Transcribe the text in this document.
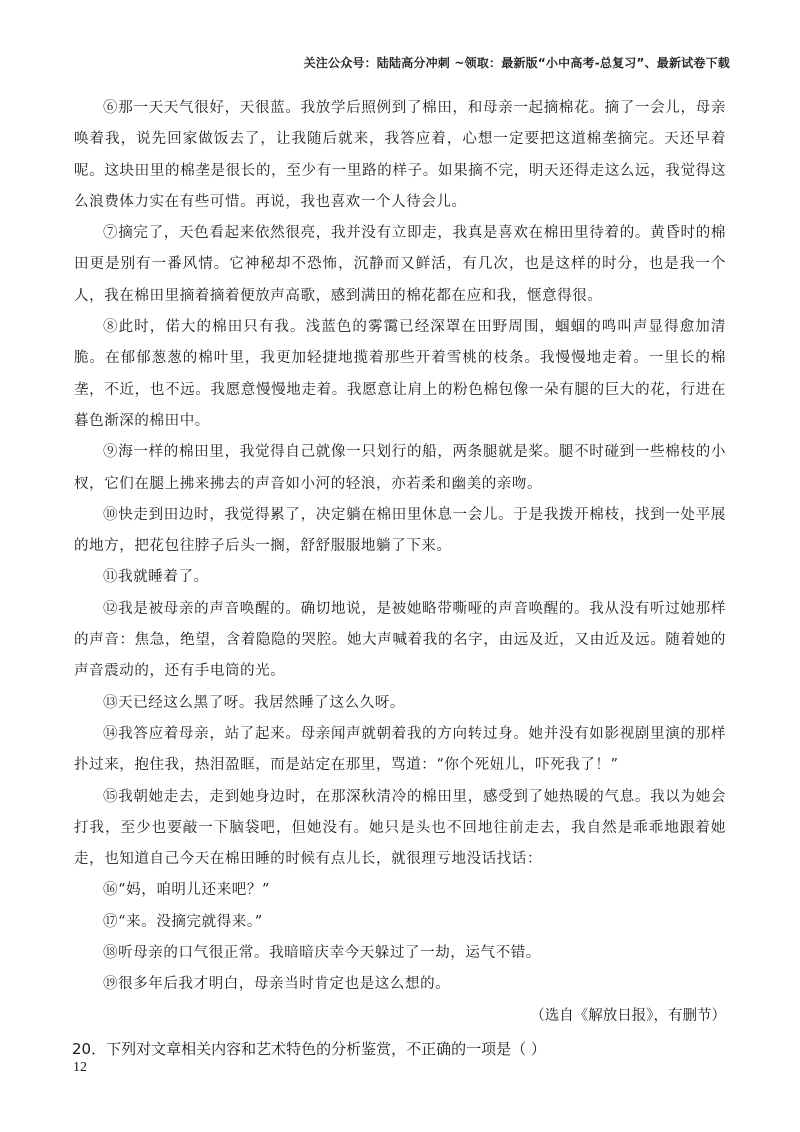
关注公众号：陆陆高分冲刺 ~领取：最新版“小中高考-总复习”、最新试卷下载

⑥那一天天气很好，天很蓝。我放学后照例到了棉田，和母亲一起摘棉花。摘了一会儿，母亲唤着我，说先回家做饭去了，让我随后就来，我答应着，心想一定要把这道棉垄摘完。天还早着呢。这块田里的棉垄是很长的，至少有一里路的样子。如果摘不完，明天还得走这么远，我觉得这么浪费体力实在有些可惜。再说，我也喜欢一个人待会儿。

⑦摘完了，天色看起来依然很亮，我并没有立即走，我真是喜欢在棉田里待着的。黄昏时的棉田更是别有一番风情。它神秘却不恐怖，沉静而又鲜活，有几次，也是这样的时分，也是我一个人，我在棉田里摘着摘着便放声高歌，感到满田的棉花都在应和我，惬意得很。

⑧此时，偌大的棉田只有我。浅蓝色的雾霭已经深罩在田野周围，蝈蝈的鸣叫声显得愈加清脆。在郁郁葱葱的棉叶里，我更加轻捷地揽着那些开着雪桃的枝条。我慢慢地走着。一里长的棉垄，不近，也不远。我愿意慢慢地走着。我愿意让肩上的粉色棉包像一朵有腿的巨大的花，行进在暮色渐深的棉田中。

⑨海一样的棉田里，我觉得自己就像一只划行的船，两条腿就是桨。腿不时碰到一些棉枝的小杈，它们在腿上拂来拂去的声音如小河的轻浪，亦若柔和幽美的亲吻。

⑩快走到田边时，我觉得累了，决定躺在棉田里休息一会儿。于是我拨开棉枝，找到一处平展的地方，把花包往脖子后头一搁，舒舒服服地躺了下来。

⑪我就睡着了。

⑫我是被母亲的声音唤醒的。确切地说，是被她略带嘶哑的声音唤醒的。我从没有听过她那样的声音：焦急，绝望，含着隐隐的哭腔。她大声喊着我的名字，由远及近，又由近及远。随着她的声音震动的，还有手电筒的光。

⑬天已经这么黑了呀。我居然睡了这么久呀。

⑭我答应着母亲，站了起来。母亲闻声就朝着我的方向转过身。她并没有如影视剧里演的那样扑过来，抱住我，热泪盈眶，而是站定在那里，骂道：“你个死妞儿，吓死我了！”

⑮我朝她走去，走到她身边时，在那深秋清冷的棉田里，感受到了她热暖的气息。我以为她会打我，至少也要敲一下脑袋吧，但她没有。她只是头也不回地往前走去，我自然是乖乖地跟着她走，也知道自己今天在棉田睡的时候有点儿长，就很理亏地没话找话：

⑯“妈，咱明儿还来吧？”

⑰“来。没摘完就得来。”

⑱听母亲的口气很正常。我暗暗庆幸今天躲过了一劫，运气不错。

⑲很多年后我才明白，母亲当时肯定也是这么想的。

（选自《解放日报》，有删节）

20．下列对文章相关内容和艺术特色的分析鉴赏，不正确的一项是（ ）

12
